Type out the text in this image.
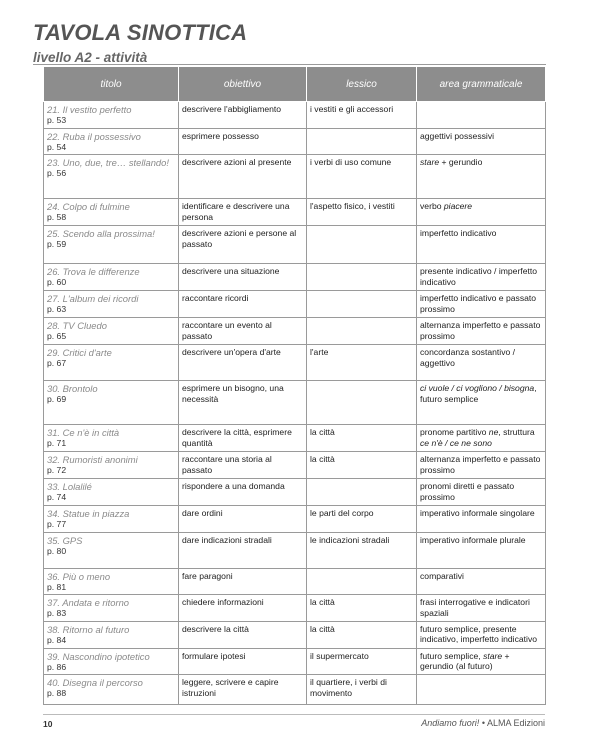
TAVOLA SINOTTICA
livello A2 - attività
titolo	obiettivo	lessico	area grammaticale

21. Il vestito perfetto
p. 53	descrivere l'abbigliamento	i vestiti e gli accessori	

22. Ruba il possessivo
p. 54	esprimere possesso		aggettivi possessivi

23. Uno, due, tre… stellando!
p. 56	descrivere azioni al presente	i verbi di uso comune	stare + gerundio

24. Colpo di fulmine
p. 58	identificare e descrivere una persona	l'aspetto fisico, i vestiti	verbo piacere

25. Scendo alla prossima!
p. 59	descrivere azioni e persone al passato		imperfetto indicativo

26. Trova le differenze
p. 60	descrivere una situazione		presente indicativo / imperfetto indicativo

27. L'album dei ricordi
p. 63	raccontare ricordi		imperfetto indicativo e passato prossimo

28. TV Cluedo
p. 65	raccontare un evento al passato		alternanza imperfetto e passato prossimo

29. Critici d'arte
p. 67	descrivere un'opera d'arte	l'arte	concordanza sostantivo / aggettivo

30. Brontolo
p. 69	esprimere un bisogno, una necessità		ci vuole / ci vogliono / bisogna, futuro semplice

31. Ce n'è in città
p. 71	descrivere la città, esprimere quantità	la città	pronome partitivo ne, struttura ce n'è / ce ne sono

32. Rumoristi anonimi
p. 72	raccontare una storia al passato	la città	alternanza imperfetto e passato prossimo

33. Lolalilé
p. 74	rispondere a una domanda		pronomi diretti e passato prossimo

34. Statue in piazza
p. 77	dare ordini	le parti del corpo	imperativo informale singolare

35. GPS
p. 80	dare indicazioni stradali	le indicazioni stradali	imperativo informale plurale

36. Più o meno
p. 81	fare paragoni		comparativi

37. Andata e ritorno
p. 83	chiedere informazioni	la città	frasi interrogative e indicatori spaziali

38. Ritorno al futuro
p. 84	descrivere la città	la città	futuro semplice, presente indicativo, imperfetto indicativo

39. Nascondino ipotetico
p. 86	formulare ipotesi	il supermercato	futuro semplice, stare + gerundio (al futuro)

40. Disegna il percorso
p. 88	leggere, scrivere e capire istruzioni	il quartiere, i verbi di movimento	
10	Andiamo fuori! • ALMA Edizioni
